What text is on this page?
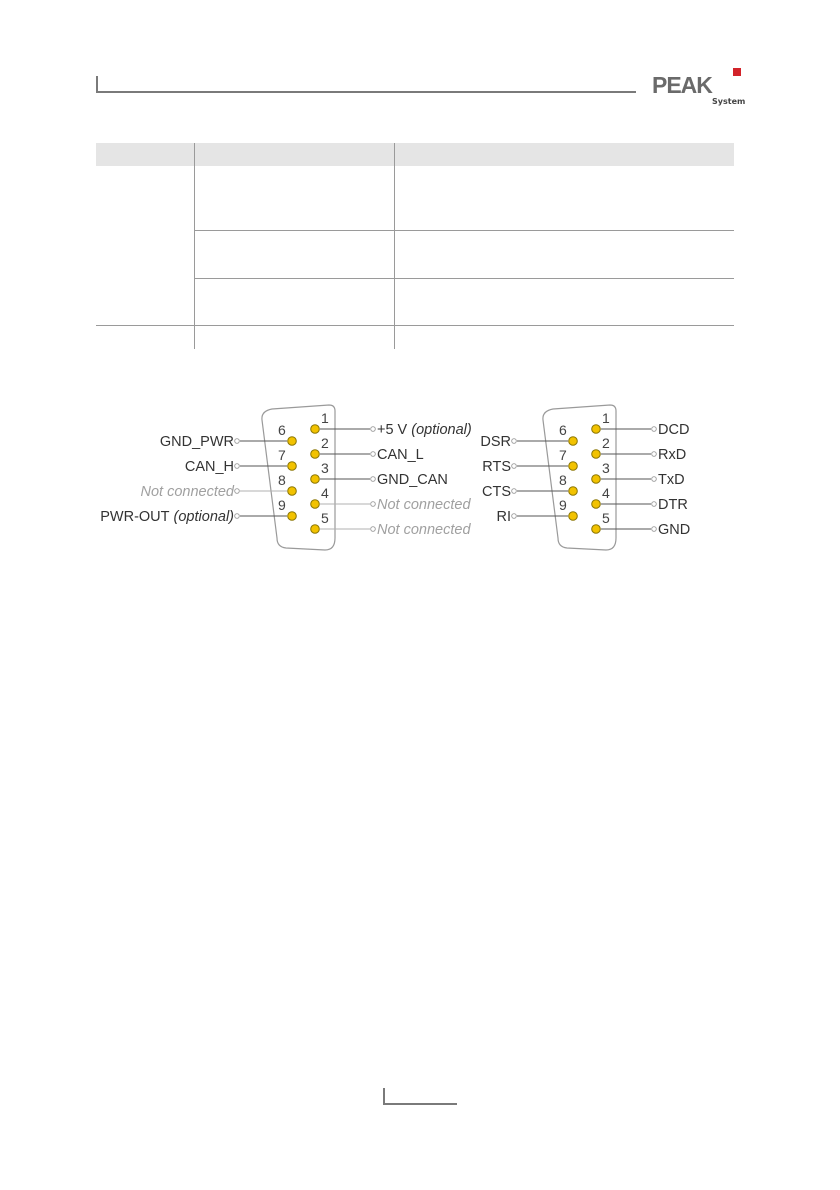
PEAK
System

1
+5 V (optional)
2
CAN_L
3
GND_CAN
4
Not connected
5
Not connected
6
GND_PWR
7
CAN_H
8
Not connected
9
PWR-OUT (optional)
1
DCD
2
RxD
3
TxD
4
DTR
5
GND
6
DSR
7
RTS
8
CTS
9
RI
